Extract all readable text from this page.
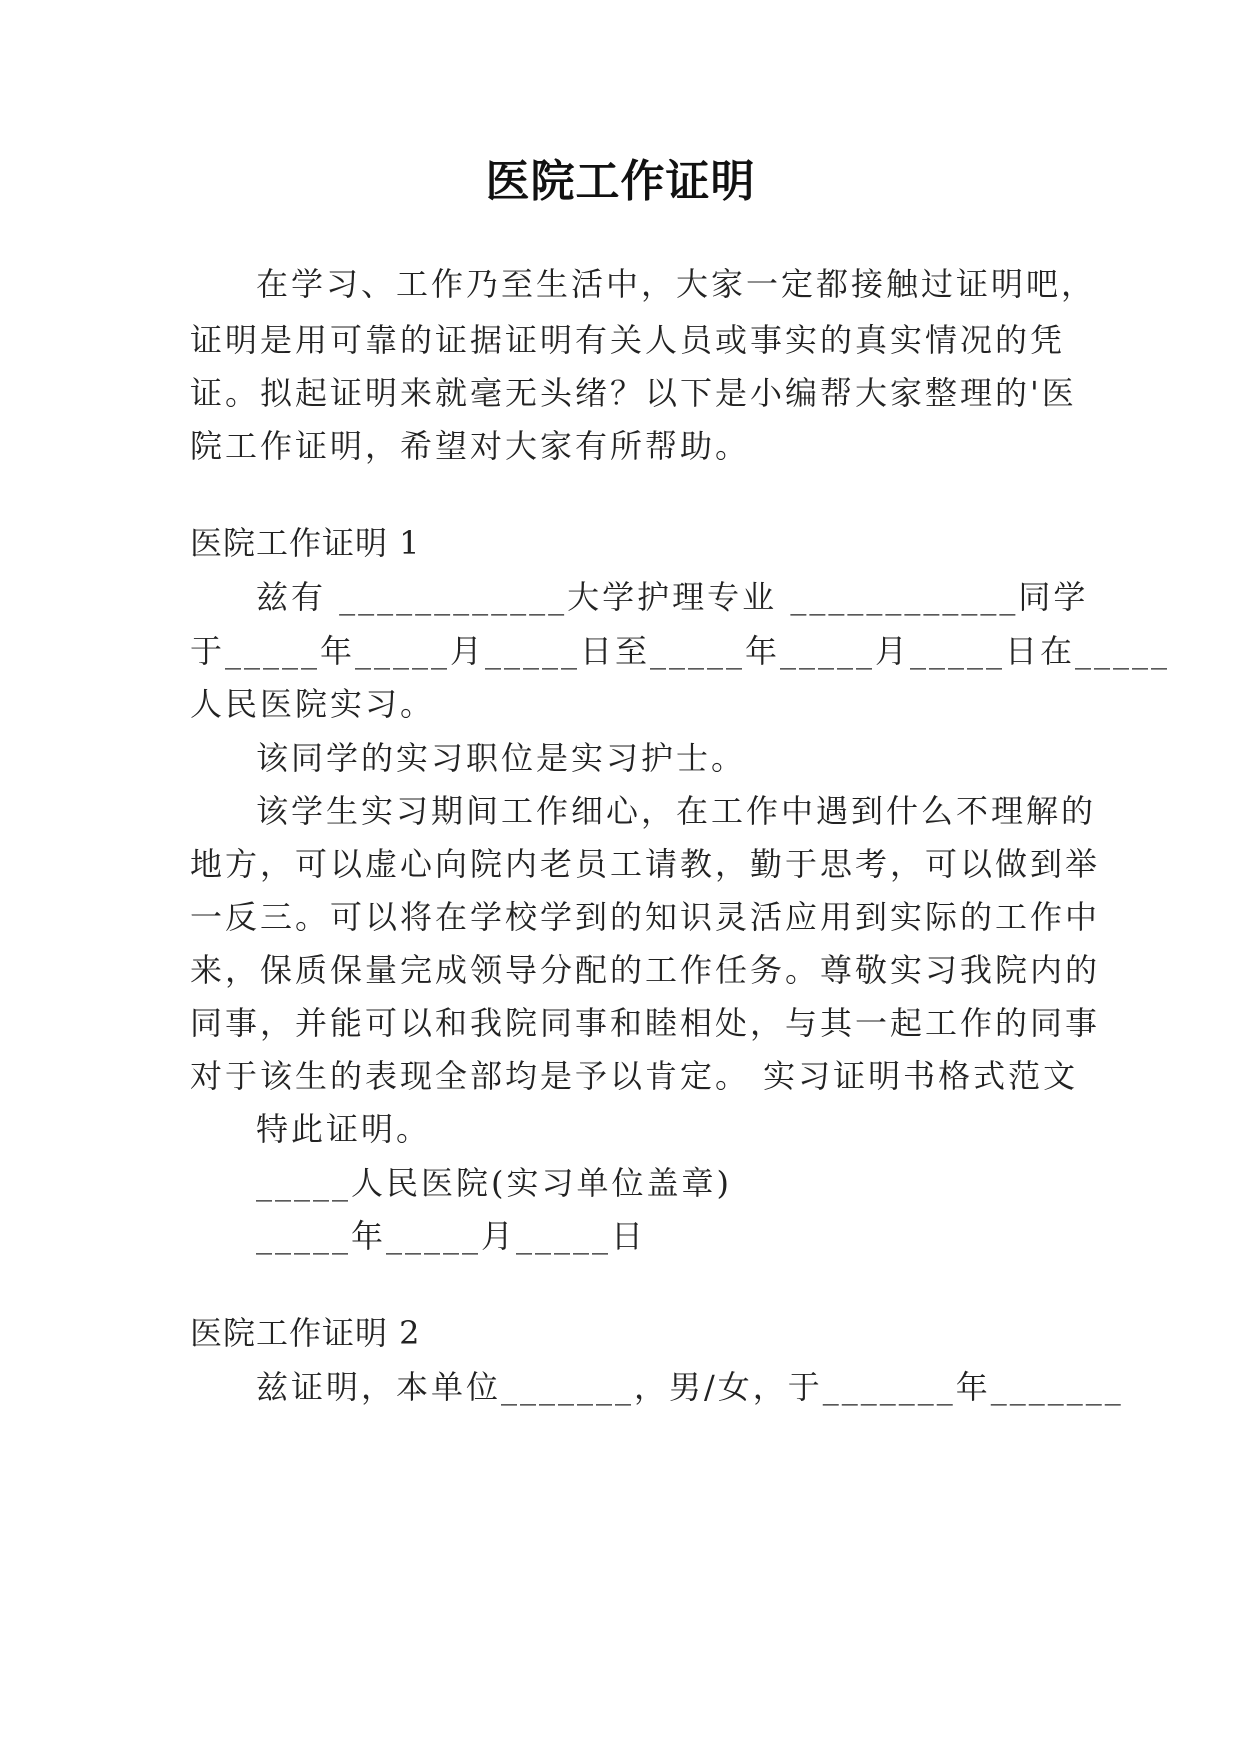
医院工作证明
在学习、工作乃至生活中，大家一定都接触过证明吧，
证明是用可靠的证据证明有关人员或事实的真实情况的凭
证。拟起证明来就毫无头绪？以下是小编帮大家整理的'医
院工作证明，希望对大家有所帮助。
医院工作证明 1
兹有 ____________大学护理专业 ____________同学
于_____年_____月_____日至_____年_____月_____日在_____
人民医院实习。
该同学的实习职位是实习护士。
该学生实习期间工作细心，在工作中遇到什么不理解的
地方，可以虚心向院内老员工请教，勤于思考，可以做到举
一反三。可以将在学校学到的知识灵活应用到实际的工作中
来，保质保量完成领导分配的工作任务。尊敬实习我院内的
同事，并能可以和我院同事和睦相处，与其一起工作的同事
对于该生的表现全部均是予以肯定。 实习证明书格式范文
特此证明。
_____人民医院(实习单位盖章)
_____年_____月_____日
医院工作证明 2
兹证明，本单位_______，男/女，于_______年_______
